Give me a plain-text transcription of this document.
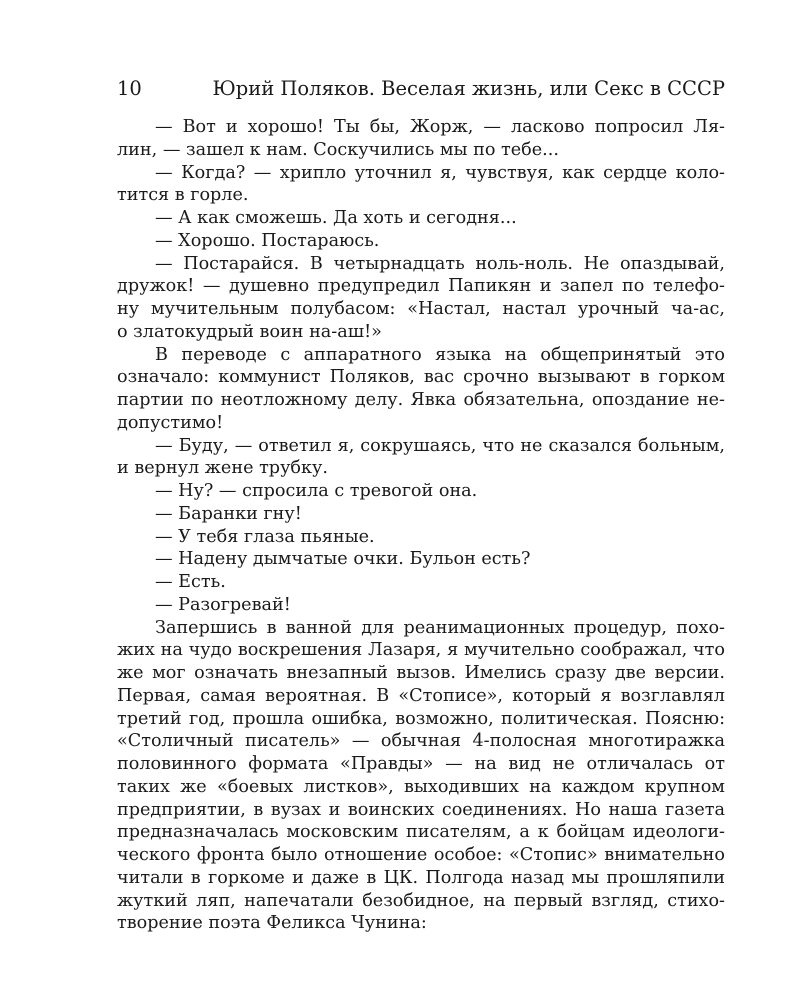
10	Юрий Поляков. Веселая жизнь, или Секс в СССР
— Вот и хорошо! Ты бы, Жорж, — ласково попросил Ля-
лин, — зашел к нам. Соскучились мы по тебе...
— Когда? — хрипло уточнил я, чувствуя, как сердце коло-
тится в горле.
— А как сможешь. Да хоть и сегодня...
— Хорошо. Постараюсь.
— Постарайся. В четырнадцать ноль-ноль. Не опаздывай,
дружок! — душевно предупредил Папикян и запел по телефо-
ну мучительным полубасом: «Настал, настал урочный ча-ас,
о златокудрый воин на-аш!»
В переводе с аппаратного языка на общепринятый это
означало: коммунист Поляков, вас срочно вызывают в горком
партии по неотложному делу. Явка обязательна, опоздание не-
допустимо!
— Буду, — ответил я, сокрушаясь, что не сказался больным,
и вернул жене трубку.
— Ну? — спросила с тревогой она.
— Баранки гну!
— У тебя глаза пьяные.
— Надену дымчатые очки. Бульон есть?
— Есть.
— Разогревай!
Запершись в ванной для реанимационных процедур, похо-
жих на чудо воскрешения Лазаря, я мучительно соображал, что
же мог означать внезапный вызов. Имелись сразу две версии.
Первая, самая вероятная. В «Стописе», который я возглавлял
третий год, прошла ошибка, возможно, политическая. Поясню:
«Столичный писатель» — обычная 4-полосная многотиражка
половинного формата «Правды» — на вид не отличалась от
таких же «боевых листков», выходивших на каждом крупном
предприятии, в вузах и воинских соединениях. Но наша газета
предназначалась московским писателям, а к бойцам идеологи-
ческого фронта было отношение особое: «Стопис» внимательно
читали в горкоме и даже в ЦК. Полгода назад мы прошляпили
жуткий ляп, напечатали безобидное, на первый взгляд, стихо-
творение поэта Феликса Чунина:
